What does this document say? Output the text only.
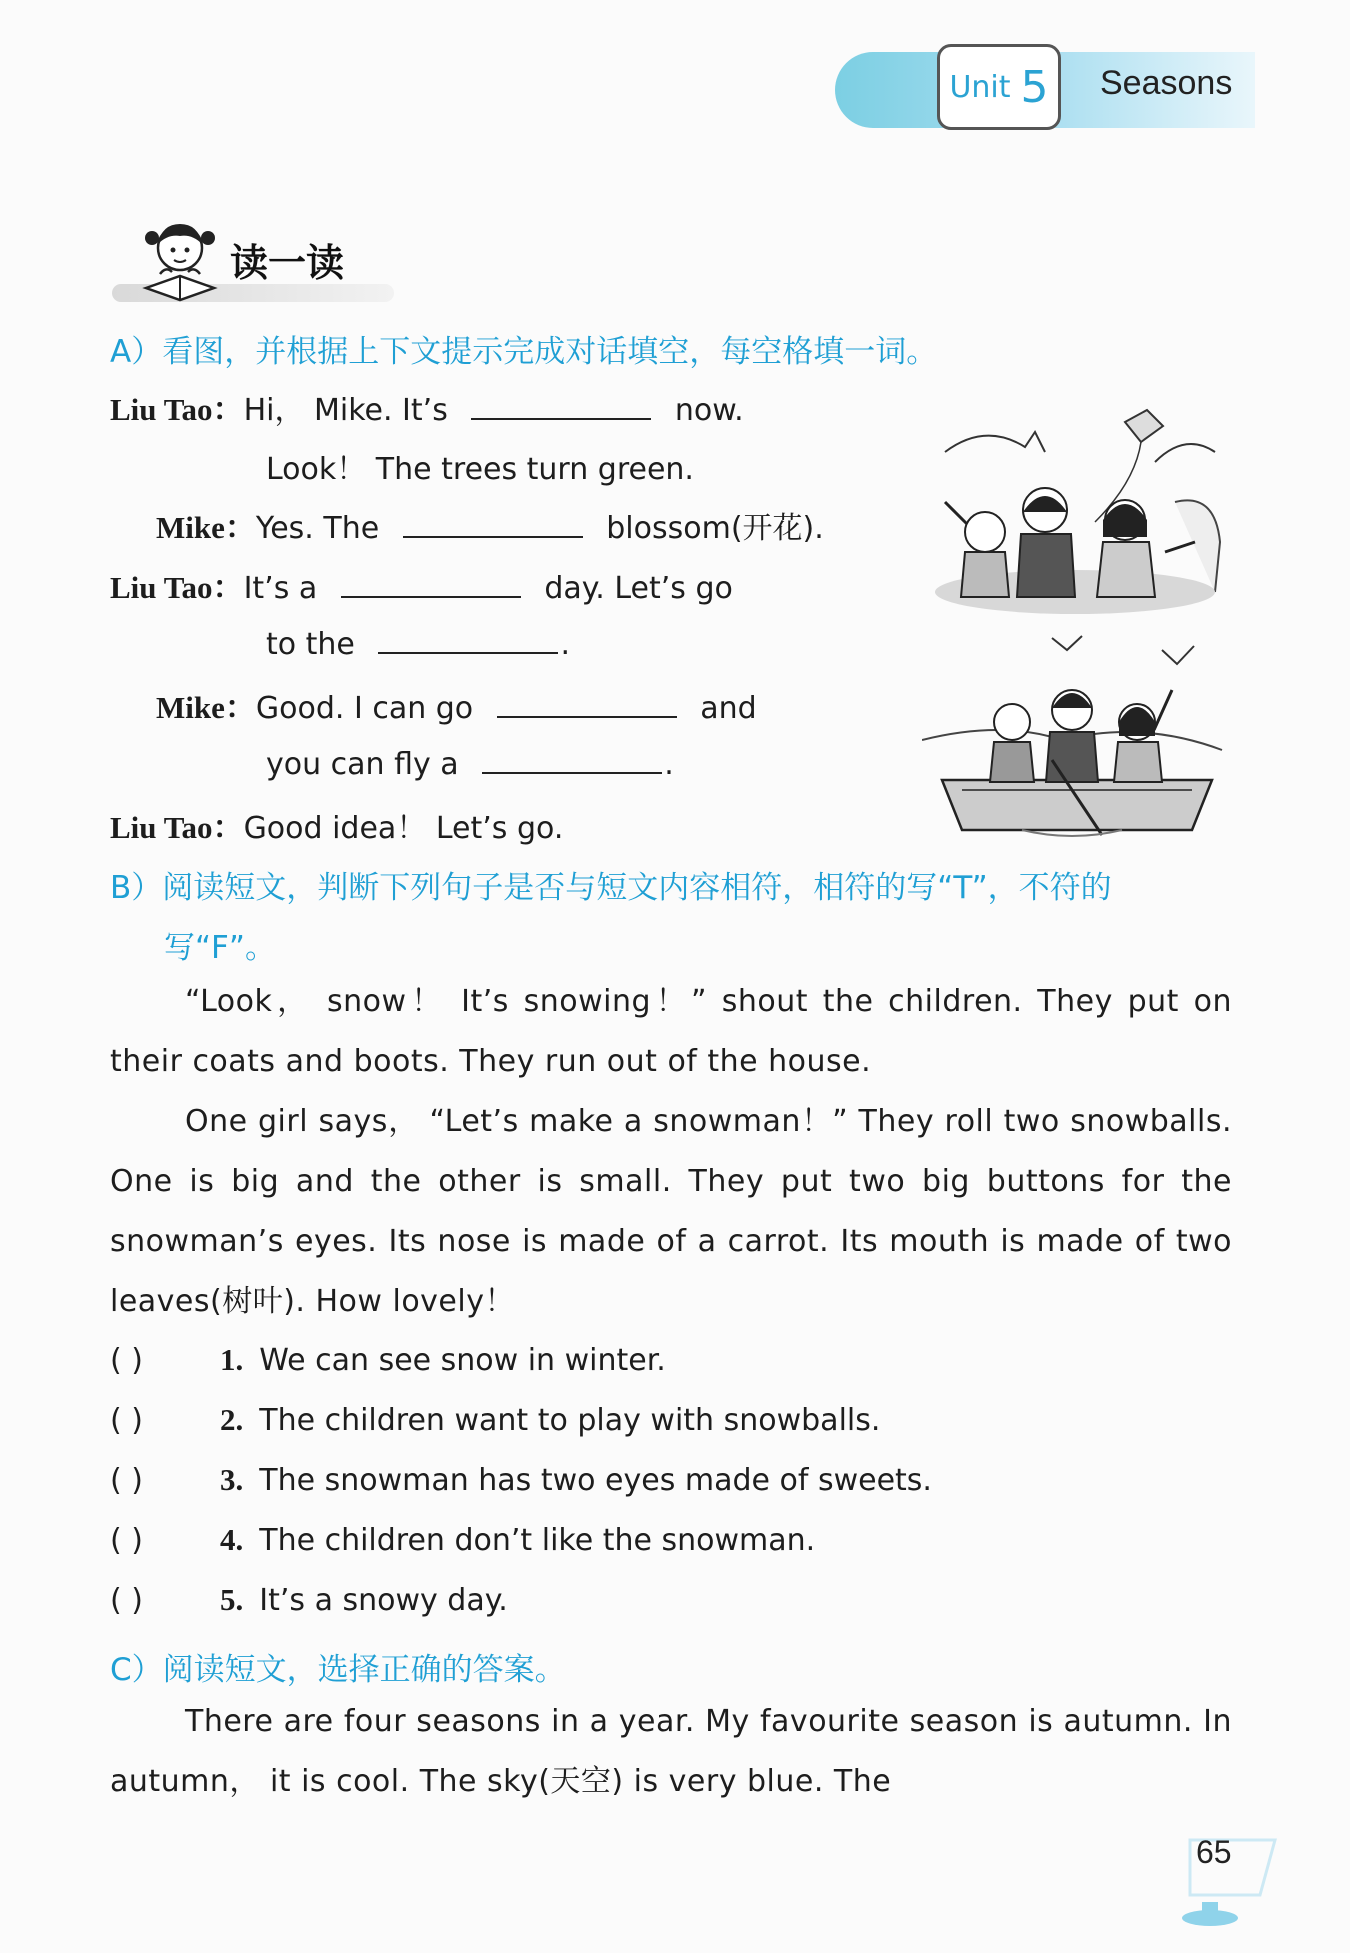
Unit 5 Seasons
读一读
A）看图，并根据上下文提示完成对话填空，每空格填一词。
Liu Tao：Hi， Mike. It’s	now.
Look！ The trees turn green.
Mike：Yes. The	blossom(开花).
Liu Tao：It’s a	day. Let’s go
to the	.
Mike：Good. I can go	and
you can fly a	.
Liu Tao：Good idea！ Let’s go.
B）阅读短文，判断下列句子是否与短文内容相符，相符的写“T”，不符的
写“F”。

“Look， snow！ It’s snowing！” shout the children. They put on their coats and boots. They run out of the house.

One girl says， “Let’s make a snowman！” They roll two snowballs. One is big and the other is small. They put two big buttons for the snowman’s eyes. Its nose is made of a carrot. Its mouth is made of two leaves(树叶). How lovely！

( ) 1. We can see snow in winter.
( ) 2. The children want to play with snowballs.
( ) 3. The snowman has two eyes made of sweets.
( ) 4. The children don’t like the snowman.
( ) 5. It’s a snowy day.
C）阅读短文，选择正确的答案。

There are four seasons in a year. My favourite season is autumn. In autumn， it is cool. The sky(天空) is very blue. The

65
